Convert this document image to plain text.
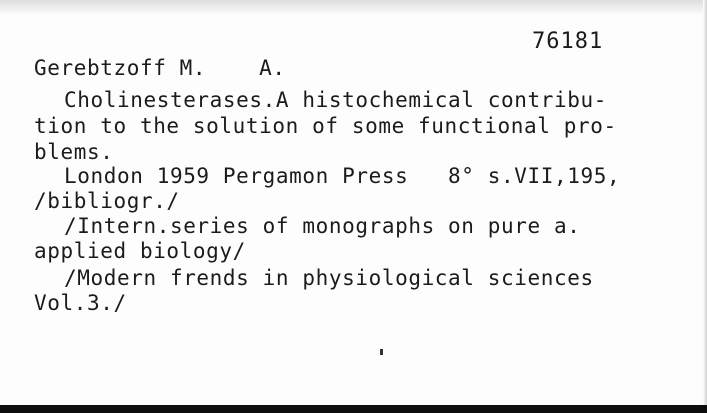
76181
Gerebtzoff M.    A.
Cholinesterases.A histochemical contribu-
tion to the solution of some functional pro-
blems.
London 1959 Pergamon Press   8° s.VII,195,
/bibliogr./
/Intern.series of monographs on pure a.
applied biology/
/Modern frends in physiological sciences
Vol.3./
